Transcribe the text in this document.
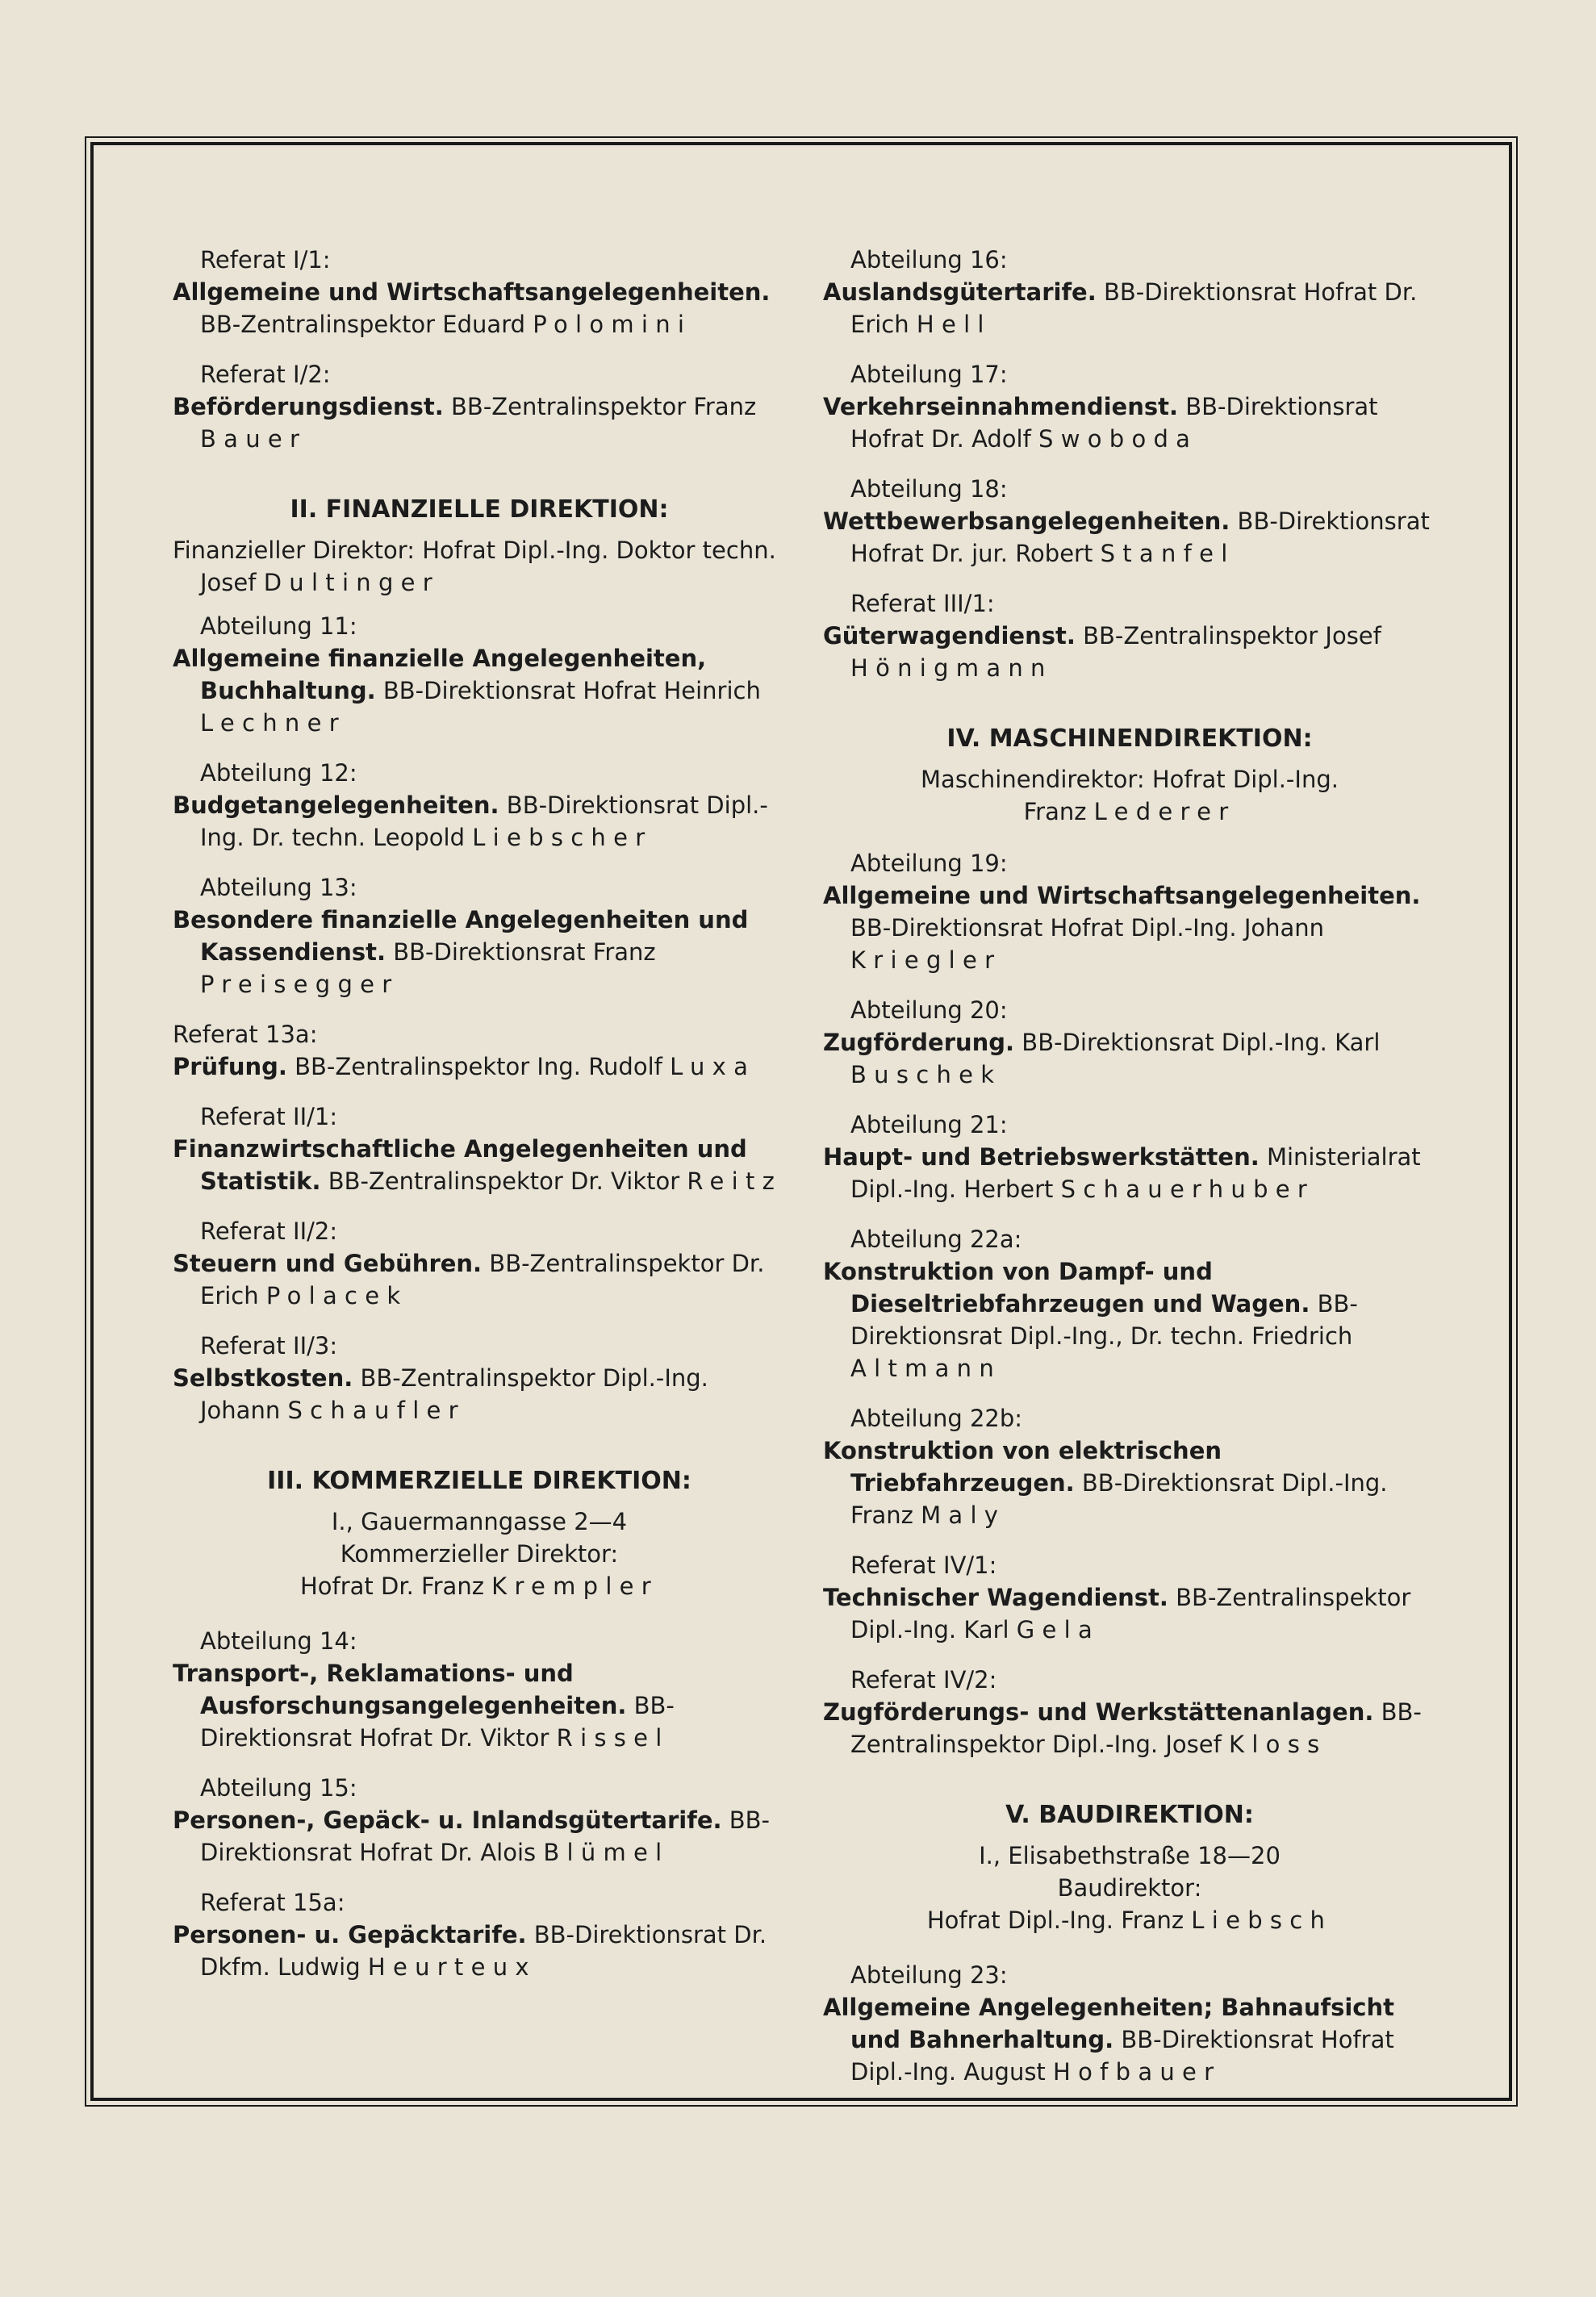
Referat I/1:

Allgemeine und Wirtschaftsangelegenheiten. BB-Zentralinspektor Eduard Polomini

Referat I/2:

Beförderungsdienst. BB-Zentralinspektor Franz Bauer

II. FINANZIELLE DIREKTION:

Finanzieller Direktor: Hofrat Dipl.-Ing. Doktor techn. Josef Dultinger

Abteilung 11:

Allgemeine finanzielle Angelegenheiten, Buchhaltung. BB-Direktionsrat Hofrat Heinrich Lechner

Abteilung 12:

Budgetangelegenheiten. BB-Direktionsrat Dipl.-Ing. Dr. techn. Leopold Liebscher

Abteilung 13:

Besondere finanzielle Angelegenheiten und Kassendienst. BB-Direktionsrat Franz Preisegger

Referat 13a:

Prüfung. BB-Zentralinspektor Ing. Rudolf Luxa

Referat II/1:

Finanzwirtschaftliche Angelegenheiten und Statistik. BB-Zentralinspektor Dr. Viktor Reitz

Referat II/2:

Steuern und Gebühren. BB-Zentralinspektor Dr. Erich Polacek

Referat II/3:

Selbstkosten. BB-Zentralinspektor Dipl.-Ing. Johann Schaufler

III. KOMMERZIELLE DIREKTION:

I., Gauermanngasse 2—4

Kommerzieller Direktor:

Hofrat Dr. Franz Krempler

Abteilung 14:

Transport-, Reklamations- und Ausforschungsangelegenheiten. BB-Direktionsrat Hofrat Dr. Viktor Rissel

Abteilung 15:

Personen-, Gepäck- u. Inlandsgütertarife. BB-Direktionsrat Hofrat Dr. Alois Blümel

Referat 15a:

Personen- u. Gepäcktarife. BB-Direktionsrat Dr. Dkfm. Ludwig Heurteux

Abteilung 16:

Auslandsgütertarife. BB-Direktionsrat Hofrat Dr. Erich Hell

Abteilung 17:

Verkehrseinnahmendienst. BB-Direktionsrat Hofrat Dr. Adolf Swoboda

Abteilung 18:

Wettbewerbsangelegenheiten. BB-Direktionsrat Hofrat Dr. jur. Robert Stanfel

Referat III/1:

Güterwagendienst. BB-Zentralinspektor Josef Hönigmann

IV. MASCHINENDIREKTION:

Maschinendirektor: Hofrat Dipl.-Ing.

Franz Lederer

Abteilung 19:

Allgemeine und Wirtschaftsangelegenheiten. BB-Direktionsrat Hofrat Dipl.-Ing. Johann Kriegler

Abteilung 20:

Zugförderung. BB-Direktionsrat Dipl.-Ing. Karl Buschek

Abteilung 21:

Haupt- und Betriebswerkstätten. Ministerialrat Dipl.-Ing. Herbert Schauerhuber

Abteilung 22a:

Konstruktion von Dampf- und Dieseltriebfahrzeugen und Wagen. BB-Direktionsrat Dipl.-Ing., Dr. techn. Friedrich Altmann

Abteilung 22b:

Konstruktion von elektrischen Triebfahrzeugen. BB-Direktionsrat Dipl.-Ing. Franz Maly

Referat IV/1:

Technischer Wagendienst. BB-Zentralinspektor Dipl.-Ing. Karl Gela

Referat IV/2:

Zugförderungs- und Werkstättenanlagen. BB-Zentralinspektor Dipl.-Ing. Josef Kloss

V. BAUDIREKTION:

I., Elisabethstraße 18—20

Baudirektor:

Hofrat Dipl.-Ing. Franz Liebsch

Abteilung 23:

Allgemeine Angelegenheiten; Bahnaufsicht und Bahnerhaltung. BB-Direktionsrat Hofrat Dipl.-Ing. August Hofbauer
